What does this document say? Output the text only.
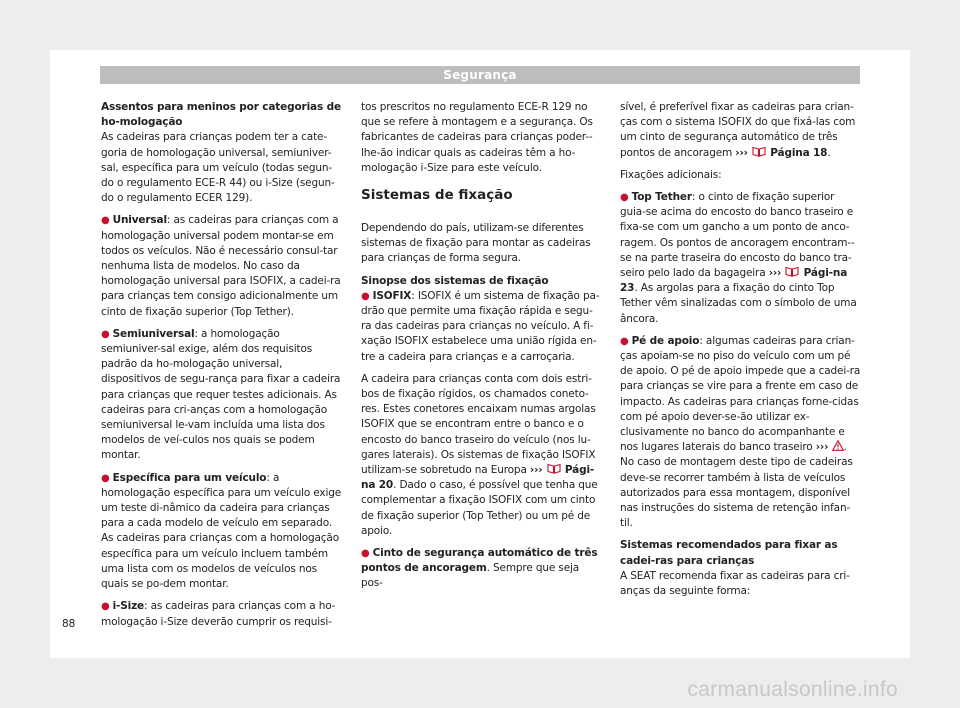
Segurança

Assentos para meninos por categorias de ho-mologação

As cadeiras para crianças podem ter a cate-goria de homologação universal, semiuniver-sal, específica para um veículo (todas segun-do o regulamento ECE-R 44) ou i-Size (segun-do o regulamento ECER 129).

● Universal: as cadeiras para crianças com a homologação universal podem montar-se em todos os veículos. Não é necessário consul-tar nenhuma lista de modelos. No caso da homologação universal para ISOFIX, a cadei-ra para crianças tem consigo adicionalmente um cinto de fixação superior (Top Tether).

● Semiuniversal: a homologação semiuniver-sal exige, além dos requisitos padrão da ho-mologação universal, dispositivos de segu-rança para fixar a cadeira para crianças que requer testes adicionais. As cadeiras para cri-anças com a homologação semiuniversal le-vam incluída uma lista dos modelos de veí-culos nos quais se podem montar.

● Específica para um veículo: a homologação específica para um veículo exige um teste di-nâmico da cadeira para crianças para a cada modelo de veículo em separado. As cadeiras para crianças com a homologação específica para um veículo incluem também uma lista com os modelos de veículos nos quais se po-dem montar.

● i-Size: as cadeiras para crianças com a ho-mologação i-Size deverão cumprir os requisi-

tos prescritos no regulamento ECE-R 129 no que se refere à montagem e a segurança. Os fabricantes de cadeiras para crianças poder--lhe-ão indicar quais as cadeiras têm a ho-mologação i-Size para este veículo.

Sistemas de fixação

Dependendo do país, utilizam-se diferentes sistemas de fixação para montar as cadeiras para crianças de forma segura.

Sinopse dos sistemas de fixação

● ISOFIX: ISOFIX é um sistema de fixação pa-drão que permite uma fixação rápida e segu-ra das cadeiras para crianças no veículo. A fi-xação ISOFIX estabelece uma união rígida en-tre a cadeira para crianças e a carroçaria.

A cadeira para crianças conta com dois estri-bos de fixação rígidos, os chamados coneto-res. Estes conetores encaixam numas argolas ISOFIX que se encontram entre o banco e o encosto do banco traseiro do veículo (nos lu-gares laterais). Os sistemas de fixação ISOFIX utilizam-se sobretudo na Europa ››› Pági-na 20. Dado o caso, é possível que tenha que complementar a fixação ISOFIX com um cinto de fixação superior (Top Tether) ou um pé de apoio.

● Cinto de segurança automático de três pontos de ancoragem. Sempre que seja pos-

sível, é preferível fixar as cadeiras para crian-ças com o sistema ISOFIX do que fixá-las com um cinto de segurança automático de três pontos de ancoragem ››› Página 18.

Fixações adicionais:

● Top Tether: o cinto de fixação superior guia-se acima do encosto do banco traseiro e fixa-se com um gancho a um ponto de anco-ragem. Os pontos de ancoragem encontram--se na parte traseira do encosto do banco tra-seiro pelo lado da bagageira ››› Pági-na 23. As argolas para a fixação do cinto Top Tether vêm sinalizadas com o símbolo de uma âncora.

● Pé de apoio: algumas cadeiras para crian-ças apoiam-se no piso do veículo com um pé de apoio. O pé de apoio impede que a cadei-ra para crianças se vire para a frente em caso de impacto. As cadeiras para crianças forne-cidas com pé apoio dever-se-ão utilizar ex-clusivamente no banco do acompanhante e nos lugares laterais do banco traseiro ››› .

No caso de montagem deste tipo de cadeiras deve-se recorrer também à lista de veículos autorizados para essa montagem, disponível nas instruções do sistema de retenção infan-til.

Sistemas recomendados para fixar as cadei-ras para crianças

A SEAT recomenda fixar as cadeiras para cri-anças da seguinte forma:

88
carmanualsonline.info
